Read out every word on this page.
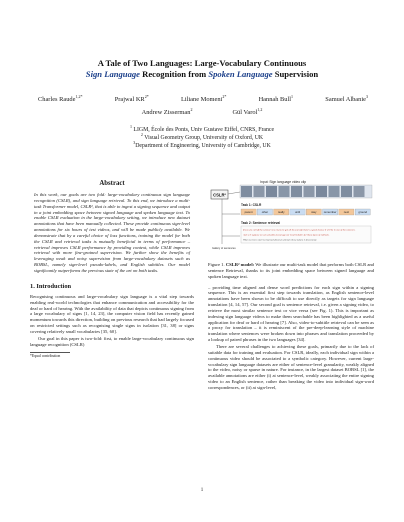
A Tale of Two Languages: Large-Vocabulary Continuous
Sign Language Recognition from Spoken Language Supervision
Charles Raude$^{1,2*}$	Prajwal $KR^{2*}$	Liliane Momeni$^{2*}$	Hannah Bull$^1$	Samuel Albanie$^3$
Andrew Zisserman$^2$	Gül Varol$^{1,2}$
$^1$ LIGM, École des Ponts, Univ Gustave Eiffel, CNRS, France
$^2$ Visual Geometry Group, University of Oxford, UK
$^3$Department of Engineering, University of Cambridge, UK
Abstract

In this work, our goals are two fold: large-vocabulary continuous sign language recognition (CSLR), and sign language retrieval. To this end, we introduce a multi-task Transformer model, CSLR², that is able to ingest a signing sequence and output in a joint embedding space between signed language and spoken language text. To enable CSLR evaluation in the large-vocabulary setting, we introduce new dataset annotations that have been manually collected. These provide continuous sign-level annotations for six hours of test videos, and will be made publicly available. We demonstrate that by a careful choice of loss functions, training the model for both the CSLR and retrieval tasks is mutually beneficial in terms of performance – retrieval improves CSLR performance by providing context, while CSLR improves retrieval with more fine-grained supervision. We further show the benefits of leveraging weak and noisy supervision from large-vocabulary datasets such as BOBSL, namely sign-level pseudo-labels, and English subtitles. Our model significantly outperforms the previous state of the art on both tasks.

1. Introduction

Recognising continuous and large-vocabulary sign language is a vital step towards enabling real-world technologies that enhance communication and accessibility for the deaf or hard of hearing. With the availability of data that depicts continuous signing from a large vocabulary of signs [1, 14, 23], the computer vision field has recently gained momentum towards this direction, building on previous research that had largely focused on restricted settings such as recognising single signs in isolation [31, 38] or signs covering relatively small vocabularies [35, 60].

Our goal in this paper is two-fold: first, to enable large-vocabulary continuous sign language recognition (CSLR)

*Equal contribution
Input: Sign language video clip
CSLR²
Task 1: CSLR
parent	other	really	until	stay	remember	next	ground
Task 2: Sentence retrieval
If you are cut-off the summer now, if you've got all by yourself, there's a good chance it will be in one of the summers.
And so I suppose we can actually encourage our local builders for these types of methods.
When we try to start we learned about an animal whose nature is discovered.
Gallery of sentences

Figure 1. CSLR² model: We illustrate our multi-task model that performs both CSLR and sentence Retrieval, thanks to its joint embedding space between signed language and spoken language text.

– providing time aligned and dense word predictions for each sign within a signing sequence. This is an essential first step towards translation, as English sentence-level annotations have been shown to be difficult to use directly as targets for sign language translation [4, 14, 57]. Our second goal is sentence retrieval, i.e. given a signing video, to retrieve the most similar sentence text or vice versa (see Fig. 1). This is important as indexing sign language videos to make them searchable has been highlighted as a useful application for deaf or hard of hearing [7]. Also, video-to-subtitle retrieval can be seen as a proxy for translation – it is reminiscent of the pre-deep-learning style of machine translation where sentences were broken down into phrases and translation proceeded by a lookup of paired phrases in the two languages [34].

There are several challenges to achieving these goals, primarily due to the lack of suitable data for training and evaluation. For CSLR, ideally, each individual sign within a continuous video should be associated to a symbolic category. However, current large-vocabulary sign language datasets are either of sentence-level granularity, weakly aligned to the video, noisy or sparse in nature. For instance, in the largest dataset BOBSL [1], the available annotations are either (i) at sentence-level, weakly associating the entire signing video to an English sentence, rather than breaking the video into individual sign-word correspondences, or (ii) at sign-level,

1
